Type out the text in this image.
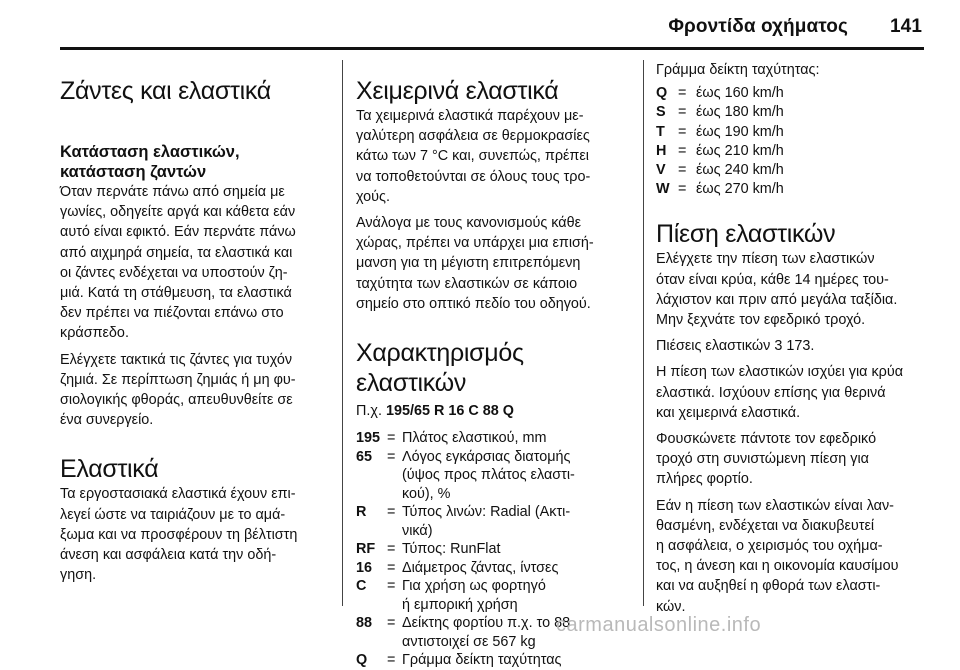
Φροντίδα οχήματος 141
Ζάντες και ελαστικά
Κατάσταση ελαστικών,
κατάσταση ζαντών

Όταν περνάτε πάνω από σημεία με
γωνίες, οδηγείτε αργά και κάθετα εάν
αυτό είναι εφικτό. Εάν περνάτε πάνω
από αιχμηρά σημεία, τα ελαστικά και
οι ζάντες ενδέχεται να υποστούν ζη-
μιά. Κατά τη στάθμευση, τα ελαστικά
δεν πρέπει να πιέζονται επάνω στο
κράσπεδο.

Ελέγχετε τακτικά τις ζάντες για τυχόν
ζημιά. Σε περίπτωση ζημιάς ή μη φυ-
σιολογικής φθοράς, απευθυνθείτε σε
ένα συνεργείο.

Ελαστικά

Τα εργοστασιακά ελαστικά έχουν επι-
λεγεί ώστε να ταιριάζουν με το αμά-
ξωμα και να προσφέρουν τη βέλτιστη
άνεση και ασφάλεια κατά την οδή-
γηση.

Χειμερινά ελαστικά

Τα χειμερινά ελαστικά παρέχουν με-
γαλύτερη ασφάλεια σε θερμοκρασίες
κάτω των 7 °C και, συνεπώς, πρέπει
να τοποθετούνται σε όλους τους τρο-
χούς.

Ανάλογα με τους κανονισμούς κάθε
χώρας, πρέπει να υπάρχει μια επισή-
μανση για τη μέγιστη επιτρεπόμενη
ταχύτητα των ελαστικών σε κάποιο
σημείο στο οπτικό πεδίο του οδηγού.

Χαρακτηρισμός ελαστικών
Π.χ. 195/65 R 16 C 88 Q
195 = Πλάτος ελαστικού, mm
65	= Λόγος εγκάρσιας διατομής
(ύψος προς πλάτος ελαστι-
κού), %
R	= Τύπος λινών: Radial (Ακτι-
νικά)
RF = Τύπος: RunFlat
16	= Διάμετρος ζάντας, ίντσες
C	= Για χρήση ως φορτηγό
ή εμπορική χρήση
88	= Δείκτης φορτίου π.χ. το 88
αντιστοιχεί σε 567 kg
Q	= Γράμμα δείκτη ταχύτητας

Γράμμα δείκτη ταχύτητας:

Q = έως 160 km/h
S = έως 180 km/h
T = έως 190 km/h
H = έως 210 km/h
V = έως 240 km/h
W = έως 270 km/h
Πίεση ελαστικών

Ελέγχετε την πίεση των ελαστικών
όταν είναι κρύα, κάθε 14 ημέρες του-
λάχιστον και πριν από μεγάλα ταξίδια.
Μην ξεχνάτε τον εφεδρικό τροχό.

Πιέσεις ελαστικών 3 173.

Η πίεση των ελαστικών ισχύει για κρύα
ελαστικά. Ισχύουν επίσης για θερινά
και χειμερινά ελαστικά.

Φουσκώνετε πάντοτε τον εφεδρικό
τροχό στη συνιστώμενη πίεση για
πλήρες φορτίο.

Εάν η πίεση των ελαστικών είναι λαν-
θασμένη, ενδέχεται να διακυβευτεί
η ασφάλεια, ο χειρισμός του οχήμα-
τος, η άνεση και η οικονομία καυσίμου
και να αυξηθεί η φθορά των ελαστι-
κών.

carmanualsonline.info
